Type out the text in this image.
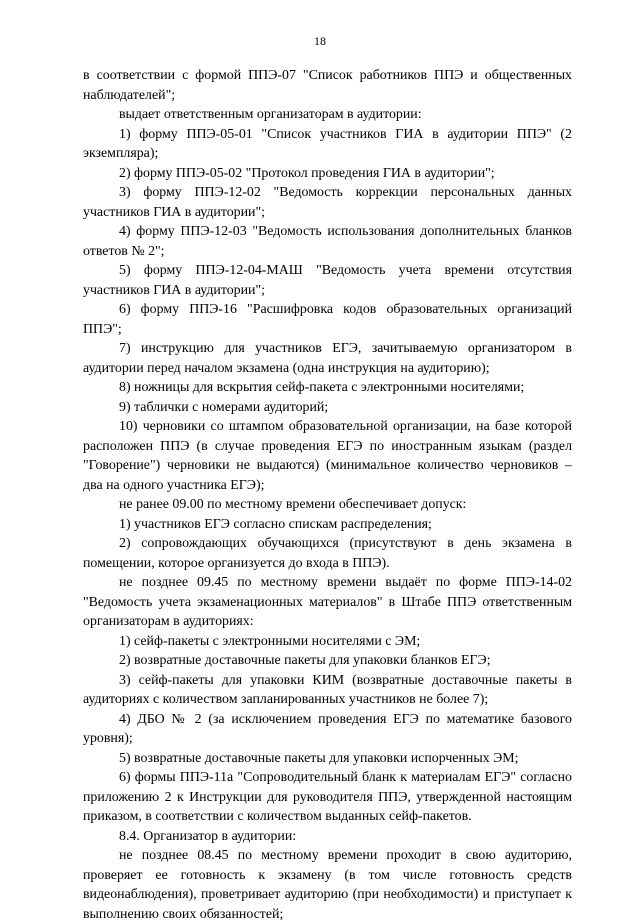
18

в соответствии с формой ППЭ-07 "Список работников ППЭ и общественных наблюдателей";

выдает ответственным организаторам в аудитории:

1) форму ППЭ-05-01 "Список участников ГИА в аудитории ППЭ" (2 экземпляра);

2) форму ППЭ-05-02 "Протокол проведения ГИА в аудитории";

3) форму ППЭ-12-02 "Ведомость коррекции персональных данных участников ГИА в аудитории";

4) форму ППЭ-12-03 "Ведомость использования дополнительных бланков ответов № 2";

5) форму ППЭ-12-04-МАШ "Ведомость учета времени отсутствия участников ГИА в аудитории";

6) форму ППЭ-16 "Расшифровка кодов образовательных организаций ППЭ";

7) инструкцию для участников ЕГЭ, зачитываемую организатором в аудитории перед началом экзамена (одна инструкция на аудиторию);

8) ножницы для вскрытия сейф-пакета с электронными носителями;

9) таблички с номерами аудиторий;

10) черновики со штампом образовательной организации, на базе которой расположен ППЭ (в случае проведения ЕГЭ по иностранным языкам (раздел "Говорение") черновики не выдаются) (минимальное количество черновиков – два на одного участника ЕГЭ);

не ранее 09.00 по местному времени обеспечивает допуск:

1) участников ЕГЭ согласно спискам распределения;

2) сопровождающих обучающихся (присутствуют в день экзамена в помещении, которое организуется до входа в ППЭ).

не позднее 09.45 по местному времени выдаёт по форме ППЭ-14-02 "Ведомость учета экзаменационных материалов" в Штабе ППЭ ответственным организаторам в аудиториях:

1) сейф-пакеты с электронными носителями с ЭМ;

2) возвратные доставочные пакеты для упаковки бланков ЕГЭ;

3) сейф-пакеты для упаковки КИМ (возвратные доставочные пакеты в аудиториях с количеством запланированных участников не более 7);

4) ДБО № 2 (за исключением проведения ЕГЭ по математике базового уровня);

5) возвратные доставочные пакеты для упаковки испорченных ЭМ;

6) формы ППЭ-11а "Сопроводительный бланк к материалам ЕГЭ" согласно приложению 2 к Инструкции для руководителя ППЭ, утвержденной настоящим приказом, в соответствии с количеством выданных сейф-пакетов.

8.4. Организатор в аудитории:

не позднее 08.45 по местному времени проходит в свою аудиторию, проверяет ее готовность к экзамену (в том числе готовность средств видеонаблюдения), проветривает аудиторию (при необходимости) и приступает к выполнению своих обязанностей;
